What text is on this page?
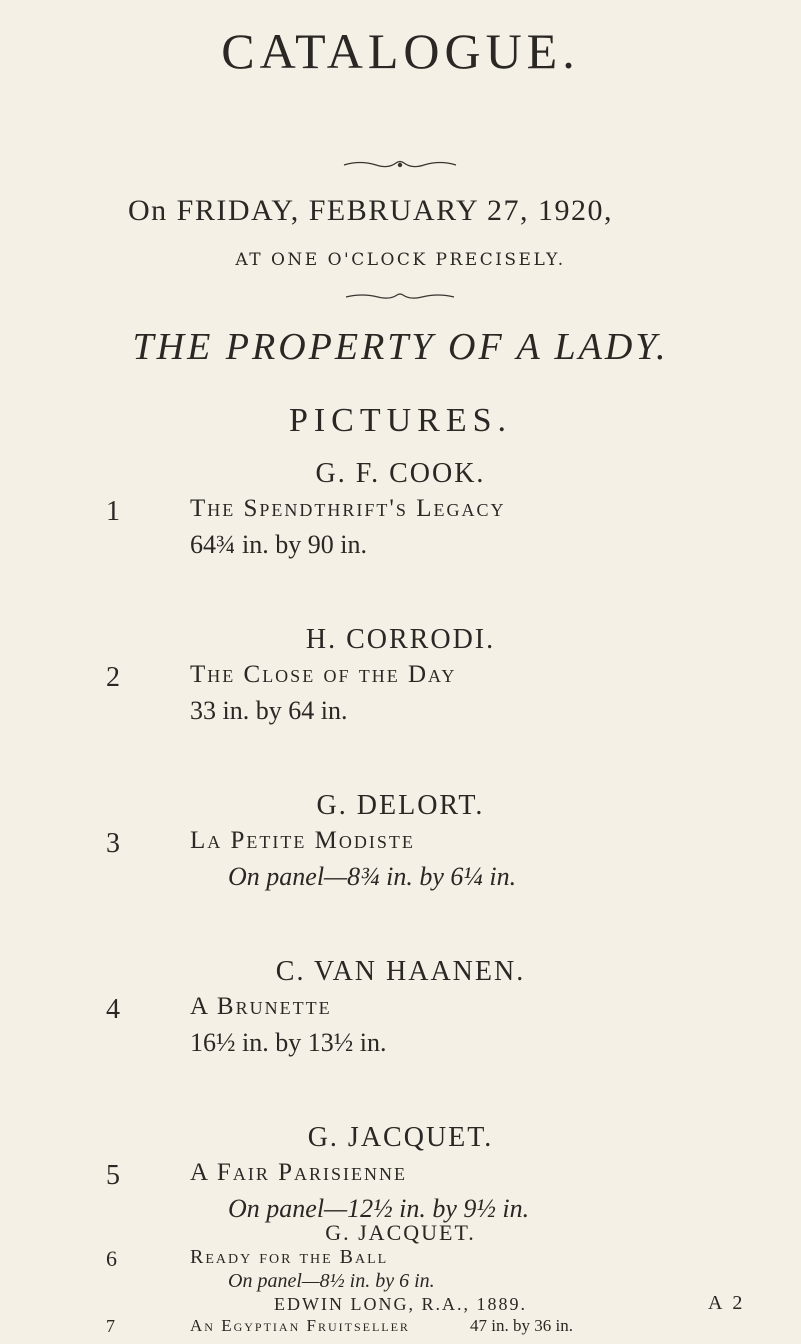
CATALOGUE.
On FRIDAY, FEBRUARY 27, 1920,
AT ONE O'CLOCK PRECISELY.
THE PROPERTY OF A LADY.
PICTURES.
G. F. COOK.
1	The Spendthrift's Legacy
64¾ in. by 90 in.
H. CORRODI.
2	The Close of the Day
33 in. by 64 in.
G. DELORT.
3	La Petite Modiste
On panel—8¾ in. by 6¼ in.
C. VAN HAANEN.
4	A Brunette
16½ in. by 13½ in.
G. JACQUET.
5	A Fair Parisienne
On panel—12½ in. by 9½ in.
G. JACQUET.
6	Ready for the Ball
On panel—8½ in. by 6 in.
EDWIN LONG, R.A., 1889.
7	An Egyptian Fruitseller	47 in. by 36 in.
A 2
